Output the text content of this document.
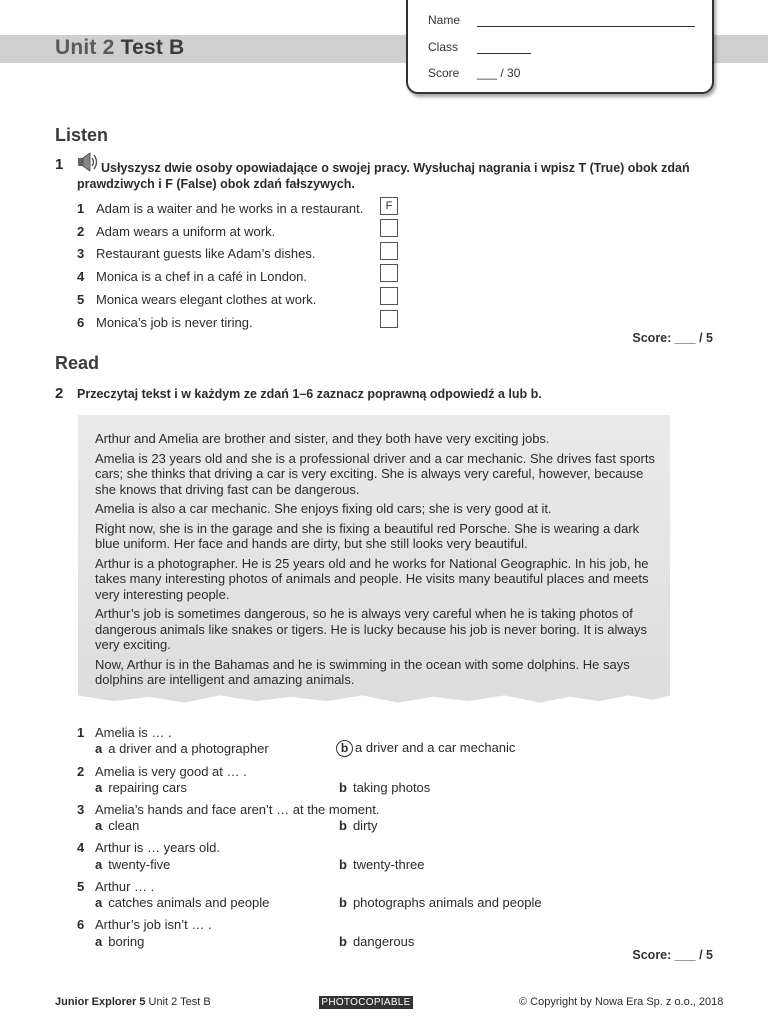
Unit 2 Test B
Name
Class
Score ___ / 30
Listen
1	Usłyszysz dwie osoby opowiadające o swojej pracy. Wysłuchaj nagrania i wpisz T (True) obok zdań prawdziwych i F (False) obok zdań fałszywych.
1 Adam is a waiter and he works in a restaurant.	F
2 Adam wears a uniform at work.
3 Restaurant guests like Adam’s dishes.
4 Monica is a chef in a café in London.
5 Monica wears elegant clothes at work.
6 Monica’s job is never tiring.
Score: ___ / 5
Read
2 Przeczytaj tekst i w każdym ze zdań 1–6 zaznacz poprawną odpowiedź a lub b.

Arthur and Amelia are brother and sister, and they both have very exciting jobs.

Amelia is 23 years old and she is a professional driver and a car mechanic. She drives fast sports cars; she thinks that driving a car is very exciting. She is always very careful, however, because she knows that driving fast can be dangerous.

Amelia is also a car mechanic. She enjoys fixing old cars; she is very good at it.

Right now, she is in the garage and she is fixing a beautiful red Porsche. She is wearing a dark blue uniform. Her face and hands are dirty, but she still looks very beautiful.

Arthur is a photographer. He is 25 years old and he works for National Geographic. In his job, he takes many interesting photos of animals and people. He visits many beautiful places and meets very interesting people.

Arthur’s job is sometimes dangerous, so he is always very careful when he is taking photos of dangerous animals like snakes or tigers. He is lucky because his job is never boring. It is always very exciting.

Now, Arthur is in the Bahamas and he is swimming in the ocean with some dolphins. He says dolphins are intelligent and amazing animals.

1 Amelia is … .
a a driver and a photographer	b a driver and a car mechanic
2 Amelia is very good at … .
a repairing cars	b taking photos
3 Amelia’s hands and face aren’t … at the moment.
a clean	b dirty
4 Arthur is … years old.
a twenty-five	b twenty-three
5 Arthur … .
a catches animals and people	b photographs animals and people
6 Arthur’s job isn’t … .
a boring	b dangerous
Score: ___ / 5
Junior Explorer 5 Unit 2 Test B	PHOTOCOPIABLE	© Copyright by Nowa Era Sp. z o.o., 2018
